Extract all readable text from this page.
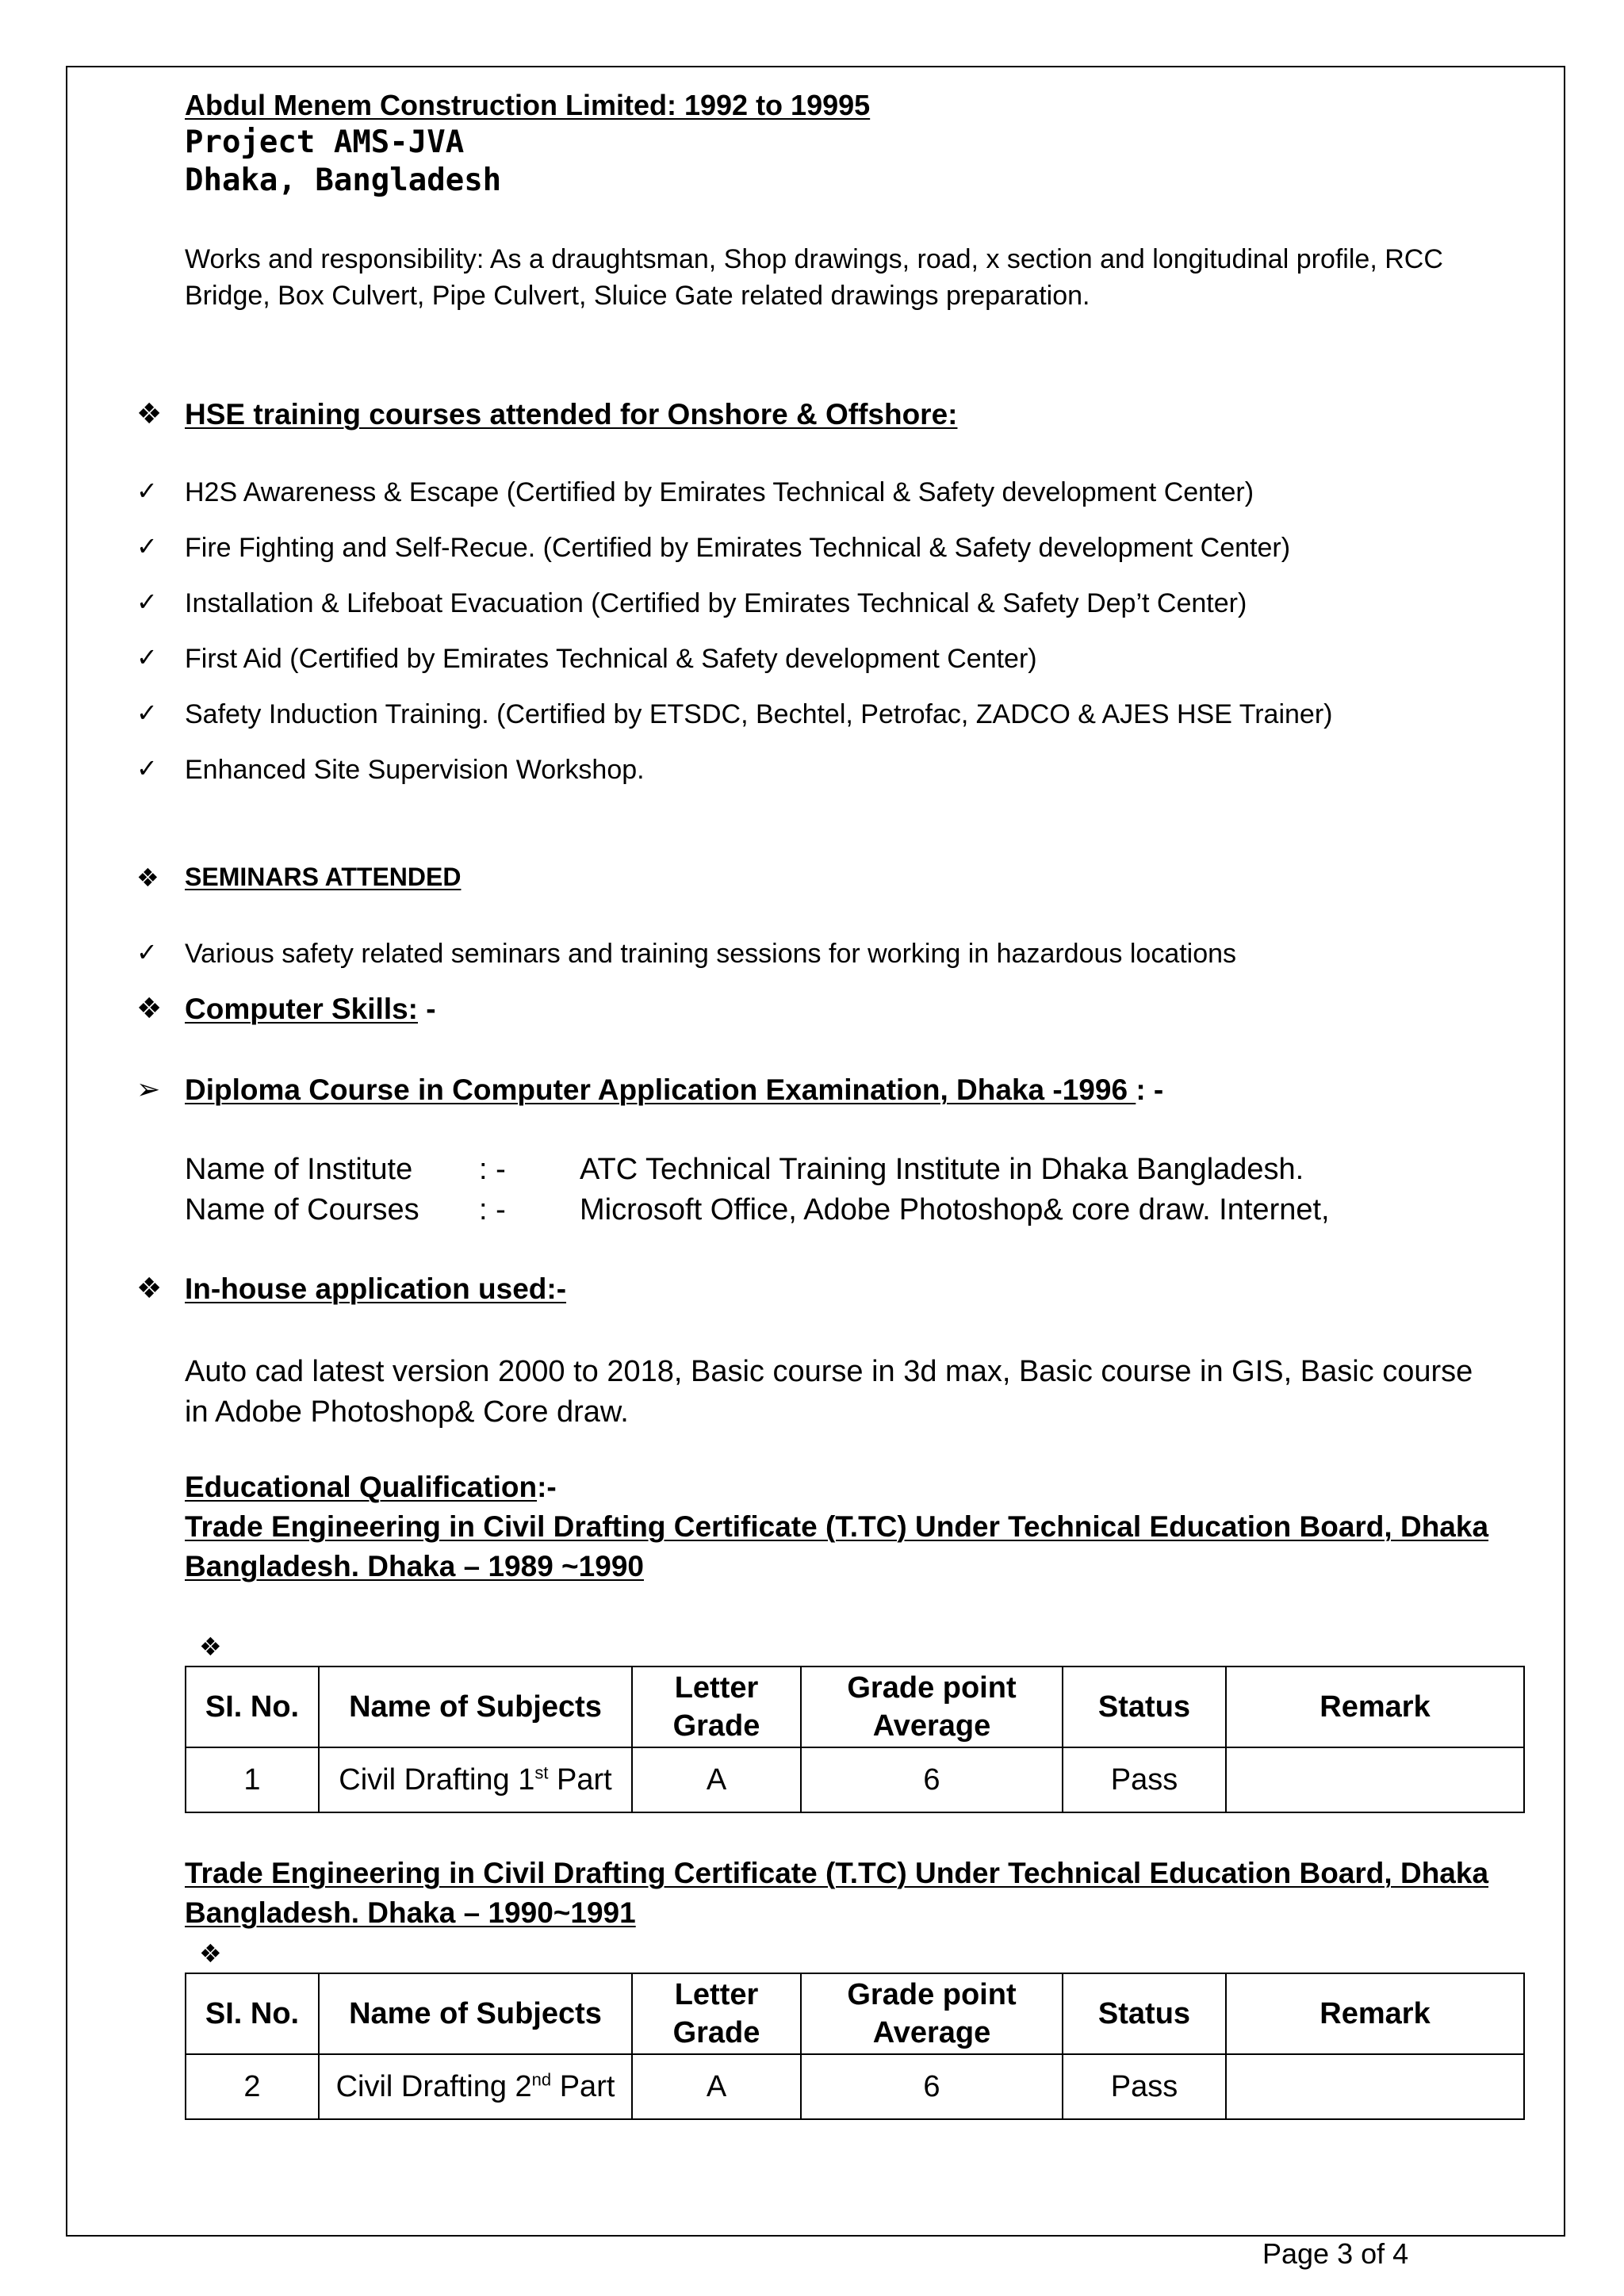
Abdul Menem Construction Limited: 1992 to 19995
Project AMS-JVA
Dhaka, Bangladesh
Works and responsibility: As a draughtsman, Shop drawings, road, x section and longitudinal profile, RCC Bridge, Box Culvert, Pipe Culvert, Sluice Gate related drawings preparation.
❖ HSE training courses attended for Onshore & Offshore:
✓ H2S Awareness & Escape (Certified by Emirates Technical & Safety development Center)
✓ Fire Fighting and Self-Recue. (Certified by Emirates Technical & Safety development Center)
✓ Installation & Lifeboat Evacuation (Certified by Emirates Technical & Safety Dep’t Center)
✓ First Aid (Certified by Emirates Technical & Safety development Center)
✓ Safety Induction Training. (Certified by ETSDC, Bechtel, Petrofac, ZADCO & AJES HSE Trainer)
✓ Enhanced Site Supervision Workshop.
❖ SEMINARS ATTENDED
✓ Various safety related seminars and training sessions for working in hazardous locations
❖ Computer Skills: -
➢ Diploma Course in Computer Application Examination, Dhaka -1996 : -
Name of Institute : - ATC Technical Training Institute in Dhaka Bangladesh.
Name of Courses : - Microsoft Office, Adobe Photoshop& core draw. Internet,
❖ In-house application used:-
Auto cad latest version 2000 to 2018, Basic course in 3d max, Basic course in GIS, Basic course in Adobe Photoshop& Core draw.
Educational Qualification:-
Trade Engineering in Civil Drafting Certificate (T.TC) Under Technical Education Board, Dhaka
Bangladesh. Dhaka – 1989 ~1990
❖
SI. No.	Name of Subjects	Letter Grade	Grade point Average	Status	Remark
1	Civil Drafting 1st Part	A	6	Pass	
Trade Engineering in Civil Drafting Certificate (T.TC) Under Technical Education Board, Dhaka
Bangladesh. Dhaka – 1990~1991
❖
SI. No.	Name of Subjects	Letter Grade	Grade point Average	Status	Remark
2	Civil Drafting 2nd Part	A	6	Pass	
Page 3 of 4
